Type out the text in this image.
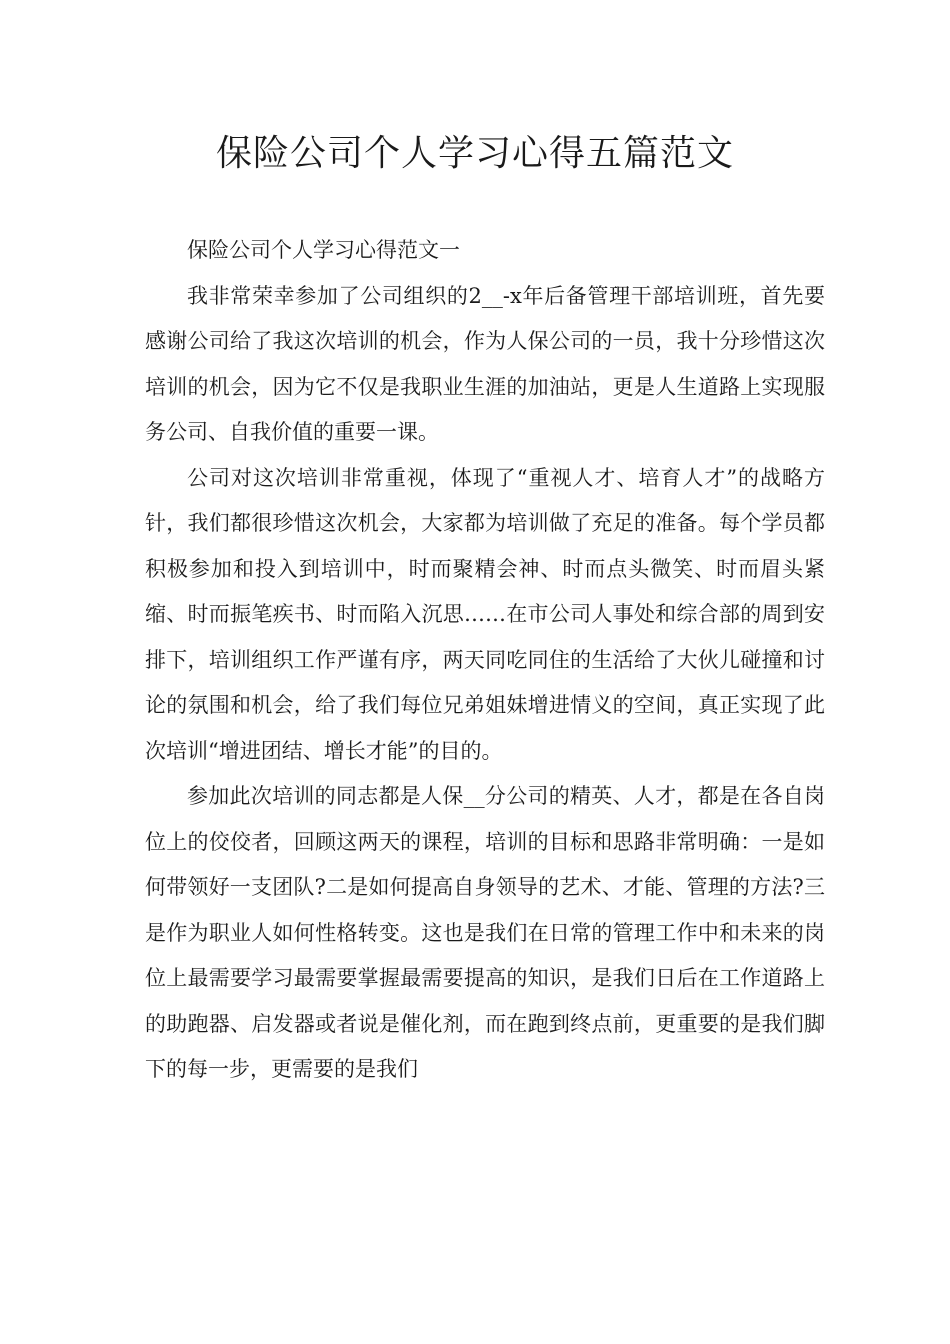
保险公司个人学习心得五篇范文

保险公司个人学习心得范文一

我非常荣幸参加了公司组织的2__-x年后备管理干部培训班，首先要感谢公司给了我这次培训的机会，作为人保公司的一员，我十分珍惜这次培训的机会，因为它不仅是我职业生涯的加油站，更是人生道路上实现服务公司、自我价值的重要一课。

公司对这次培训非常重视，体现了“重视人才、培育人才”的战略方针，我们都很珍惜这次机会，大家都为培训做了充足的准备。每个学员都积极参加和投入到培训中，时而聚精会神、时而点头微笑、时而眉头紧缩、时而振笔疾书、时而陷入沉思……在市公司人事处和综合部的周到安排下，培训组织工作严谨有序，两天同吃同住的生活给了大伙儿碰撞和讨论的氛围和机会，给了我们每位兄弟姐妹增进情义的空间，真正实现了此次培训“增进团结、增长才能”的目的。

参加此次培训的同志都是人保__分公司的精英、人才，都是在各自岗位上的佼佼者，回顾这两天的课程，培训的目标和思路非常明确：一是如何带领好一支团队?二是如何提高自身领导的艺术、才能、管理的方法?三是作为职业人如何性格转变。这也是我们在日常的管理工作中和未来的岗位上最需要学习最需要掌握最需要提高的知识，是我们日后在工作道路上的助跑器、启发器或者说是催化剂，而在跑到终点前，更重要的是我们脚下的每一步，更需要的是我们
